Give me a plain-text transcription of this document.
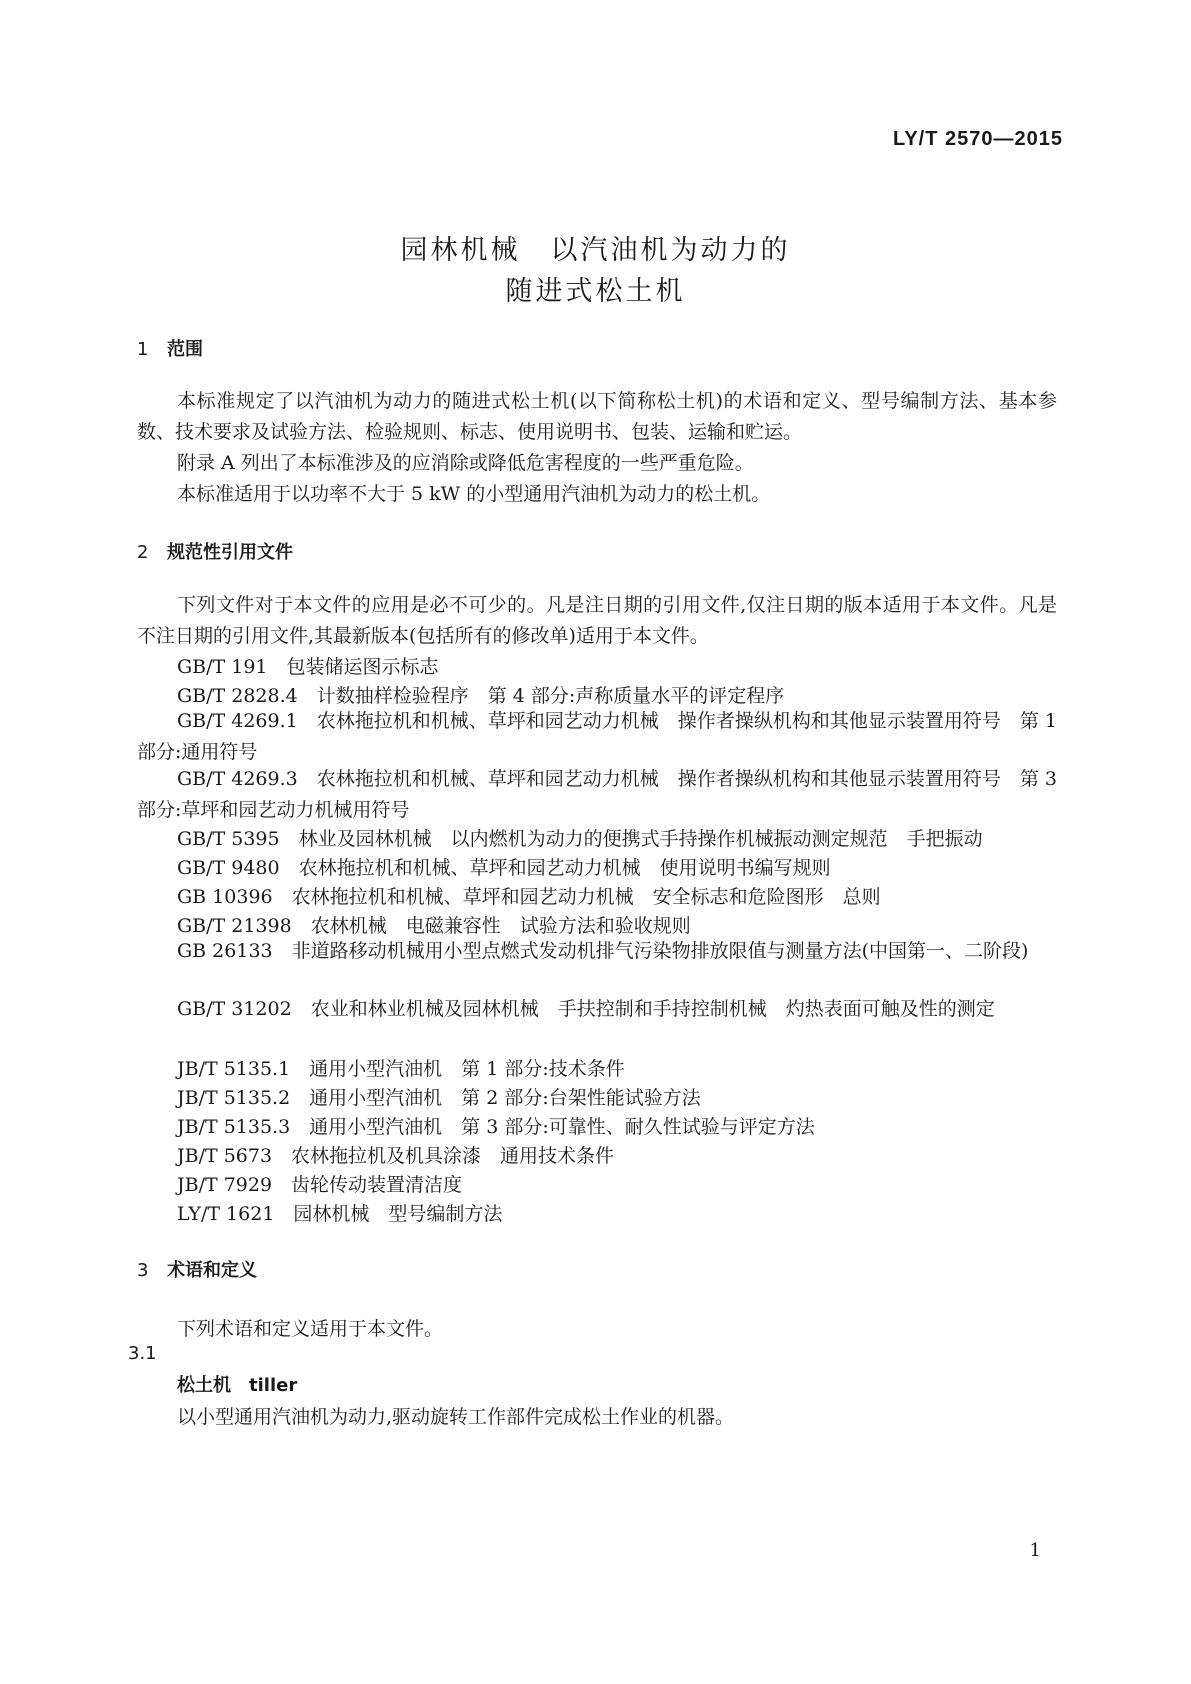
LY/T 2570—2015
园林机械　以汽油机为动力的
随进式松土机
1 范围
本标准规定了以汽油机为动力的随进式松土机(以下简称松土机)的术语和定义、型号编制方法、基本参数、技术要求及试验方法、检验规则、标志、使用说明书、包装、运输和贮运。
附录 A 列出了本标准涉及的应消除或降低危害程度的一些严重危险。
本标准适用于以功率不大于 5 kW 的小型通用汽油机为动力的松土机。
2 规范性引用文件
下列文件对于本文件的应用是必不可少的。凡是注日期的引用文件,仅注日期的版本适用于本文件。凡是不注日期的引用文件,其最新版本(包括所有的修改单)适用于本文件。
GB/T 191　包装储运图示标志
GB/T 2828.4　计数抽样检验程序　第 4 部分:声称质量水平的评定程序
GB/T 4269.1　农林拖拉机和机械、草坪和园艺动力机械　操作者操纵机构和其他显示装置用符号　第 1 部分:通用符号
GB/T 4269.3　农林拖拉机和机械、草坪和园艺动力机械　操作者操纵机构和其他显示装置用符号　第 3 部分:草坪和园艺动力机械用符号
GB/T 5395　林业及园林机械　以内燃机为动力的便携式手持操作机械振动测定规范　手把振动
GB/T 9480　农林拖拉机和机械、草坪和园艺动力机械　使用说明书编写规则
GB 10396　农林拖拉机和机械、草坪和园艺动力机械　安全标志和危险图形　总则
GB/T 21398　农林机械　电磁兼容性　试验方法和验收规则
GB 26133　非道路移动机械用小型点燃式发动机排气污染物排放限值与测量方法(中国第一、二阶段)
GB/T 31202　农业和林业机械及园林机械　手扶控制和手持控制机械　灼热表面可触及性的测定
JB/T 5135.1　通用小型汽油机　第 1 部分:技术条件
JB/T 5135.2　通用小型汽油机　第 2 部分:台架性能试验方法
JB/T 5135.3　通用小型汽油机　第 3 部分:可靠性、耐久性试验与评定方法
JB/T 5673　农林拖拉机及机具涂漆　通用技术条件
JB/T 7929　齿轮传动装置清洁度
LY/T 1621　园林机械　型号编制方法
3 术语和定义
下列术语和定义适用于本文件。
3.1
松土机　tiller
以小型通用汽油机为动力,驱动旋转工作部件完成松土作业的机器。
1
